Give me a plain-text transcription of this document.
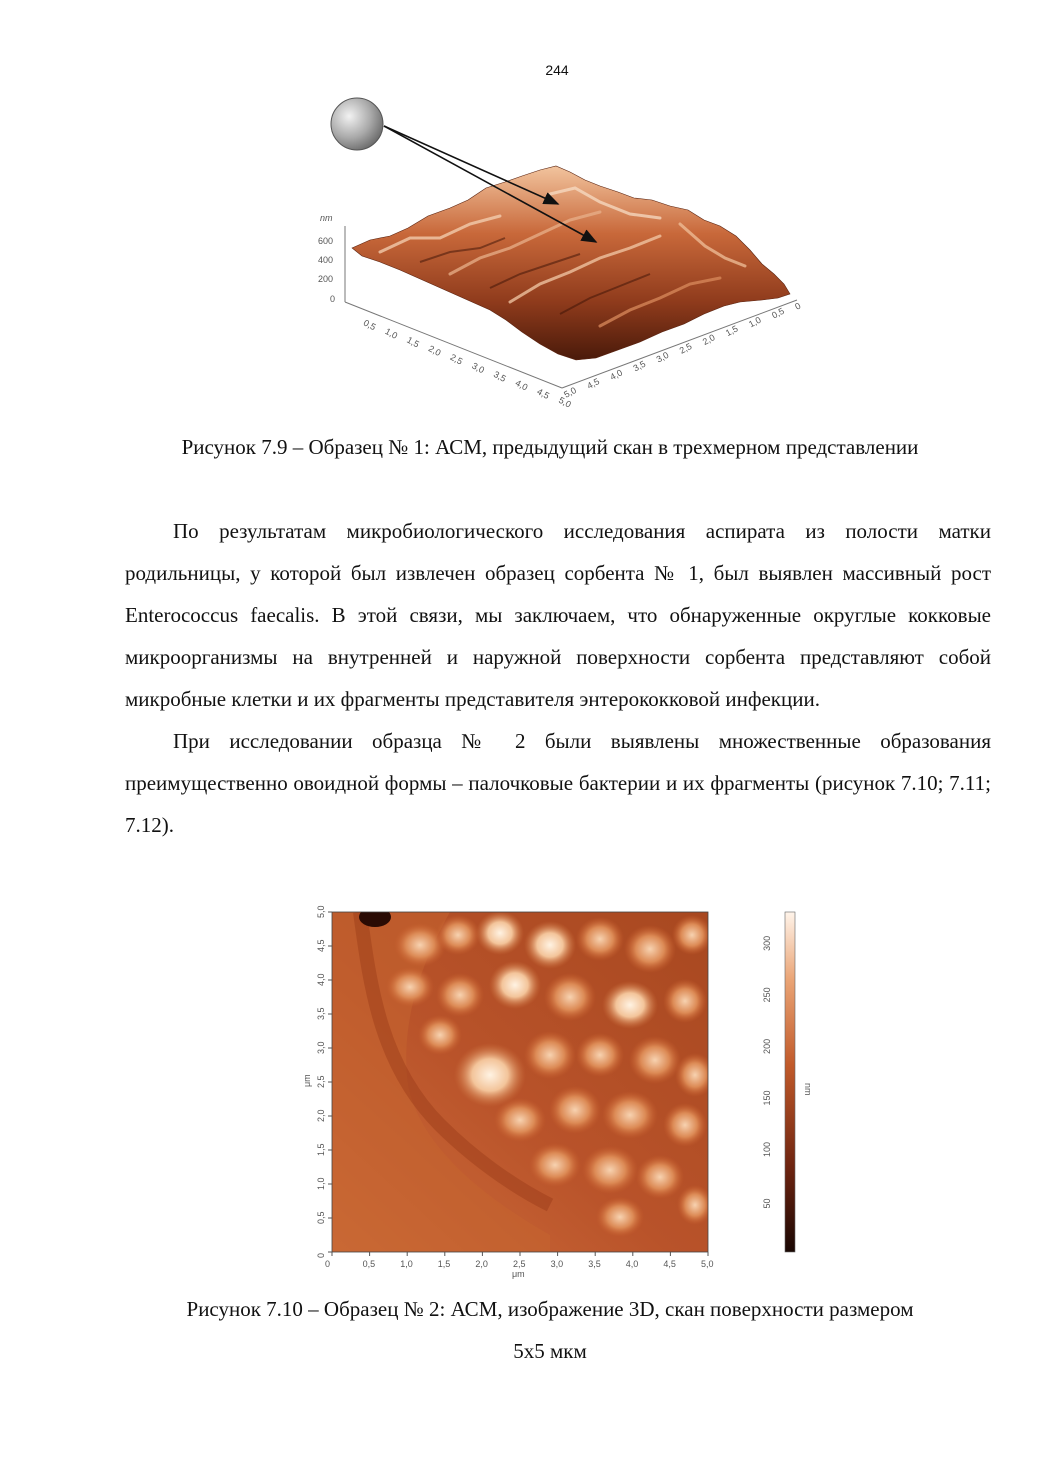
244
nm
600
400
200
0
0,5
1,0
1,5
2,0
2,5
3,0
3,5
4,0
4,5
5,0
5,0
4,5
4,0
3,5
3,0
2,5
2,0
1,5
1,0
0,5 0
Рисунок 7.9 – Образец № 1: АСМ, предыдущий скан в трехмерном представлении

По результатам микробиологического исследования аспирата из полости матки родильницы, у которой был извлечен образец сорбента № 1, был выявлен массивный рост Enterococcus faecalis. В этой связи, мы заключаем, что обнаруженные округлые кокковые микроорганизмы на внутренней и наружной поверхности сорбента представляют собой микробные клетки и их фрагменты представителя энтерококковой инфекции.

При исследовании образца № 2 были выявлены множественные образования преимущественно овоидной формы – палочковые бактерии и их фрагменты (рисунок 7.10; 7.11; 7.12).

0	0,5	1,0	1,5	2,0	2,5	3,0	3,5	4,0	4,5	5,0
0
0,5
1,0
1,5
2,0
2,5
3,0
3,5
4,0
4,5
5,0
μm
μm
50
100
150
200
250
300
nm
Рисунок 7.10 – Образец № 2: АСМ, изображение 3D, скан поверхности размером
5х5 мкм
